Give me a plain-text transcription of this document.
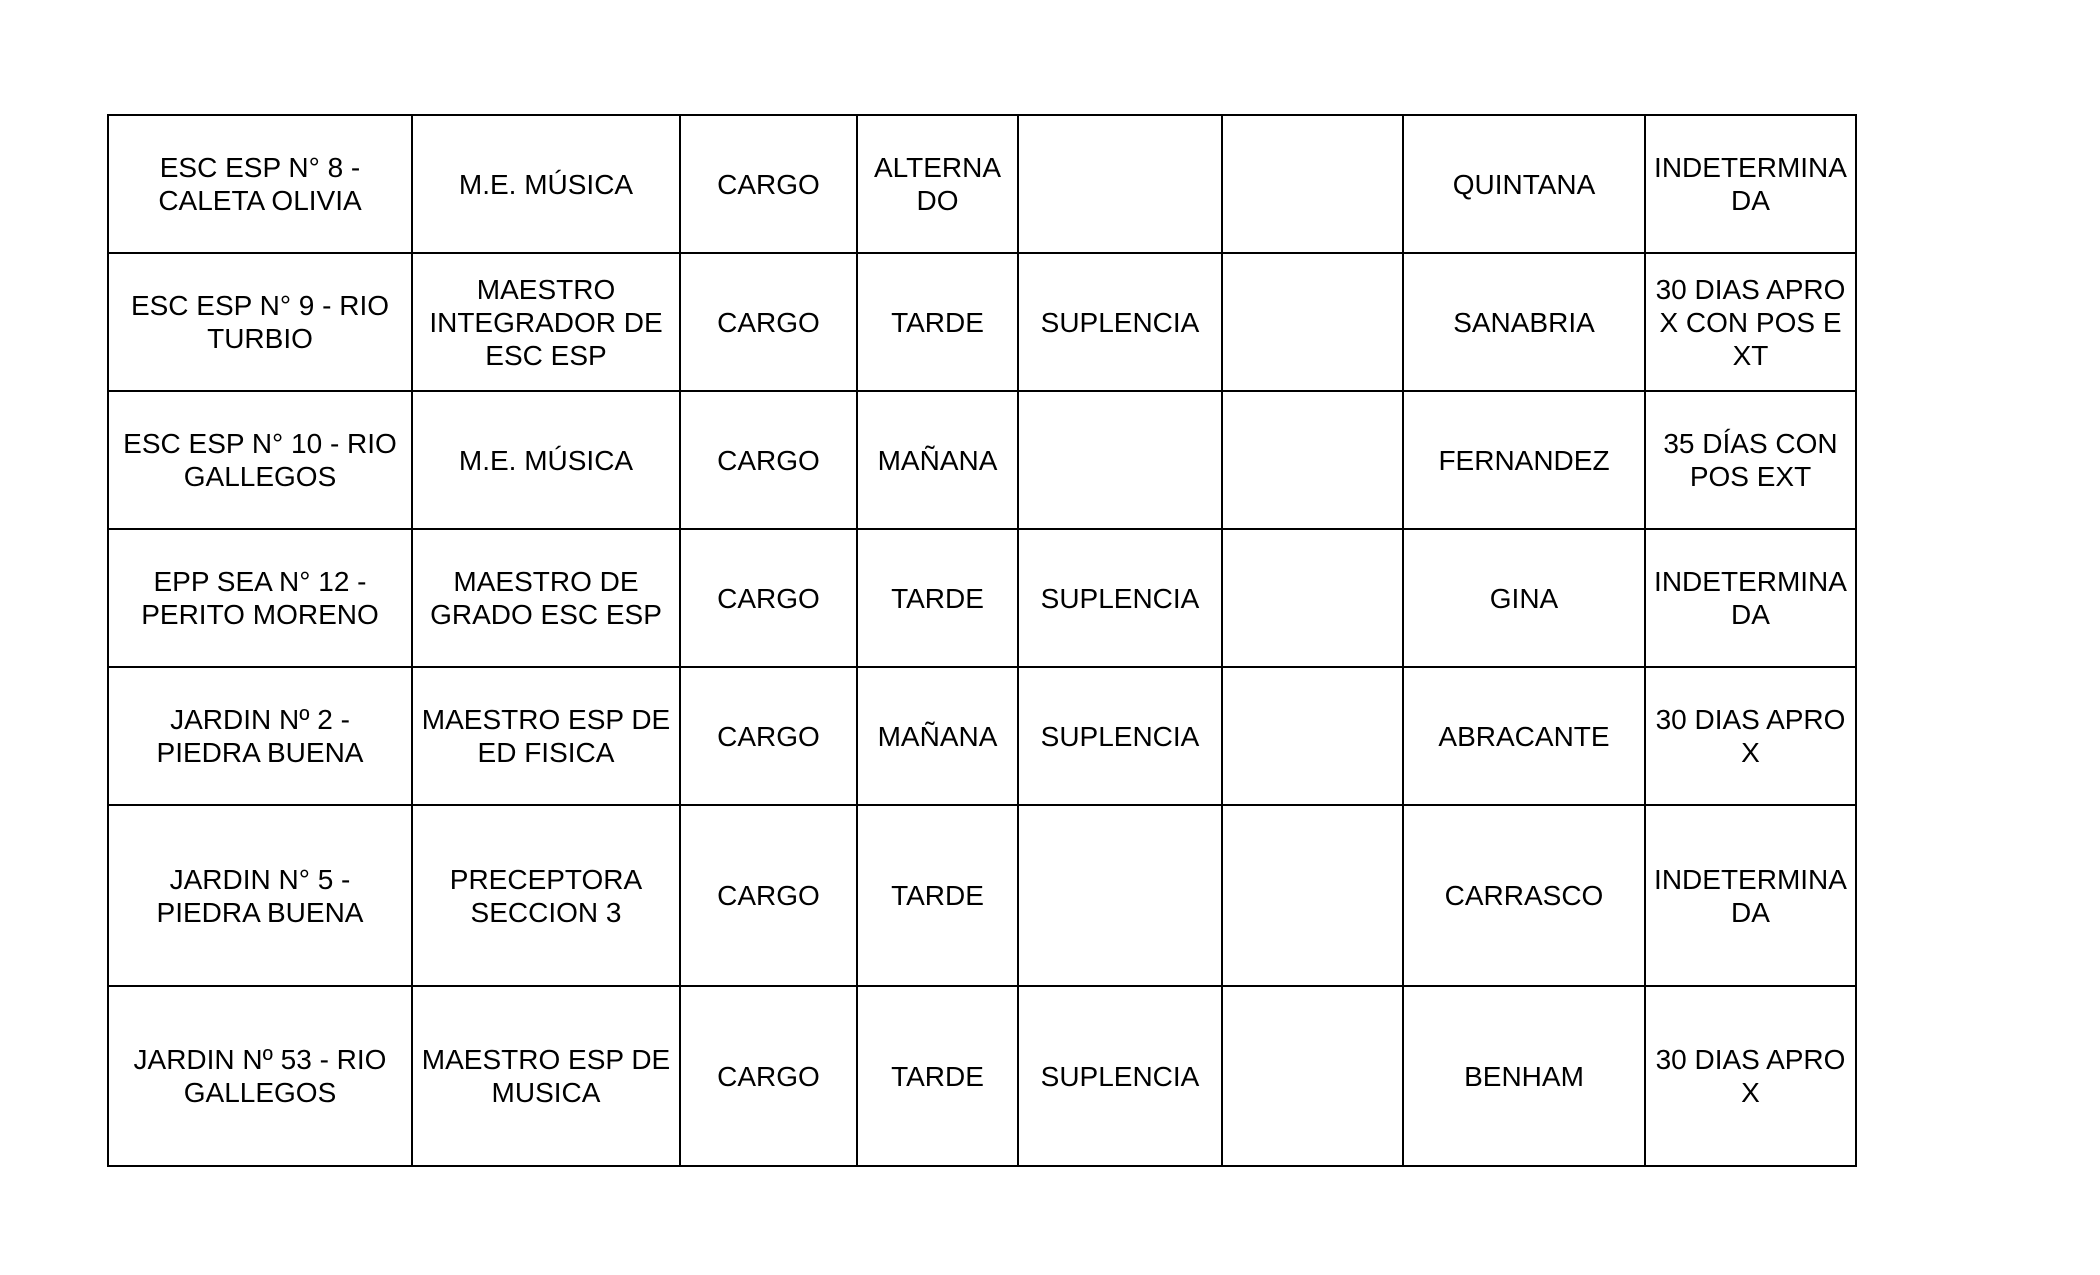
ESC ESP N° 8 - CALETA OLIVIA	M.E. MÚSICA	CARGO	ALTERNADO			QUINTANA	INDETERMINADA
ESC ESP N° 9 - RIO TURBIO	MAESTRO INTEGRADOR DE ESC ESP	CARGO	TARDE	SUPLENCIA		SANABRIA	30 DIAS APROX CON POS EXT
ESC ESP N° 10 - RIO GALLEGOS	M.E. MÚSICA	CARGO	MAÑANA			FERNANDEZ	35 DÍAS CON POS EXT
EPP SEA N° 12 - PERITO MORENO	MAESTRO DE GRADO ESC ESP	CARGO	TARDE	SUPLENCIA		GINA	INDETERMINADA
JARDIN Nº 2 - PIEDRA BUENA	MAESTRO ESP DE ED FISICA	CARGO	MAÑANA	SUPLENCIA		ABRACANTE	30 DIAS APROX
JARDIN N° 5 - PIEDRA BUENA	PRECEPTORA SECCION 3	CARGO	TARDE			CARRASCO	INDETERMINADA
JARDIN Nº 53 - RIO GALLEGOS	MAESTRO ESP DE MUSICA	CARGO	TARDE	SUPLENCIA		BENHAM	30 DIAS APROX
